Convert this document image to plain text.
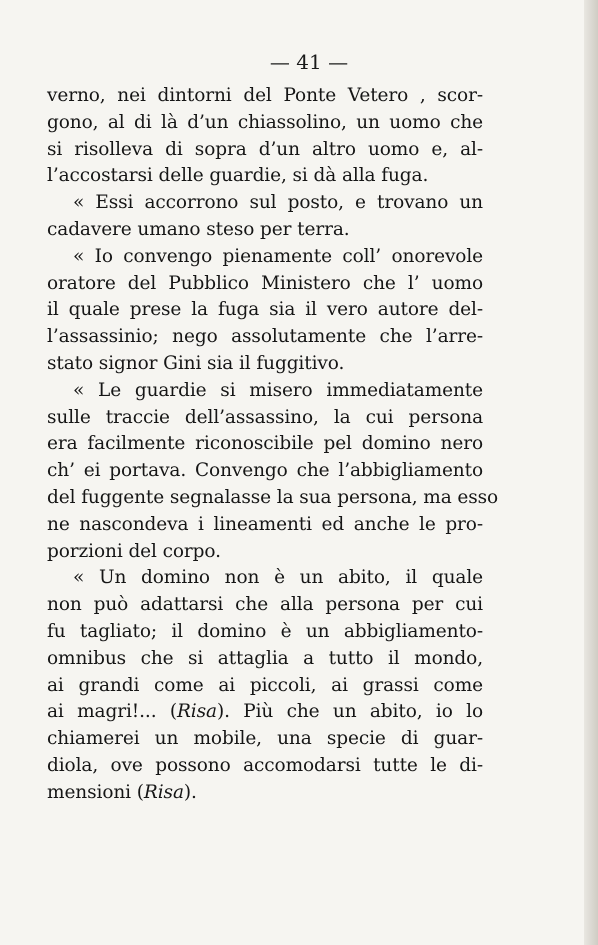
— 41 —
verno, nei dintorni del Ponte Vetero , scor-
gono, al di là d’un chiassolino, un uomo che
si risolleva di sopra d’un altro uomo e, al-
l’accostarsi delle guardie, si dà alla fuga.
« Essi accorrono sul posto, e trovano un
cadavere umano steso per terra.
« Io convengo pienamente coll’ onorevole
oratore del Pubblico Ministero che l’ uomo
il quale prese la fuga sia il vero autore del-
l’assassinio; nego assolutamente che l’arre-
stato signor Gini sia il fuggitivo.
« Le guardie si misero immediatamente
sulle traccie dell’assassino, la cui persona
era facilmente riconoscibile pel domino nero
ch’ ei portava. Convengo che l’abbigliamento
del fuggente segnalasse la sua persona, ma esso
ne nascondeva i lineamenti ed anche le pro-
porzioni del corpo.
« Un domino non è un abito, il quale
non può adattarsi che alla persona per cui
fu tagliato; il domino è un abbigliamento-
omnibus che si attaglia a tutto il mondo,
ai grandi come ai piccoli, ai grassi come
ai magri!... (Risa). Più che un abito, io lo
chiamerei un mobile, una specie di guar-
diola, ove possono accomodarsi tutte le di-
mensioni (Risa).
